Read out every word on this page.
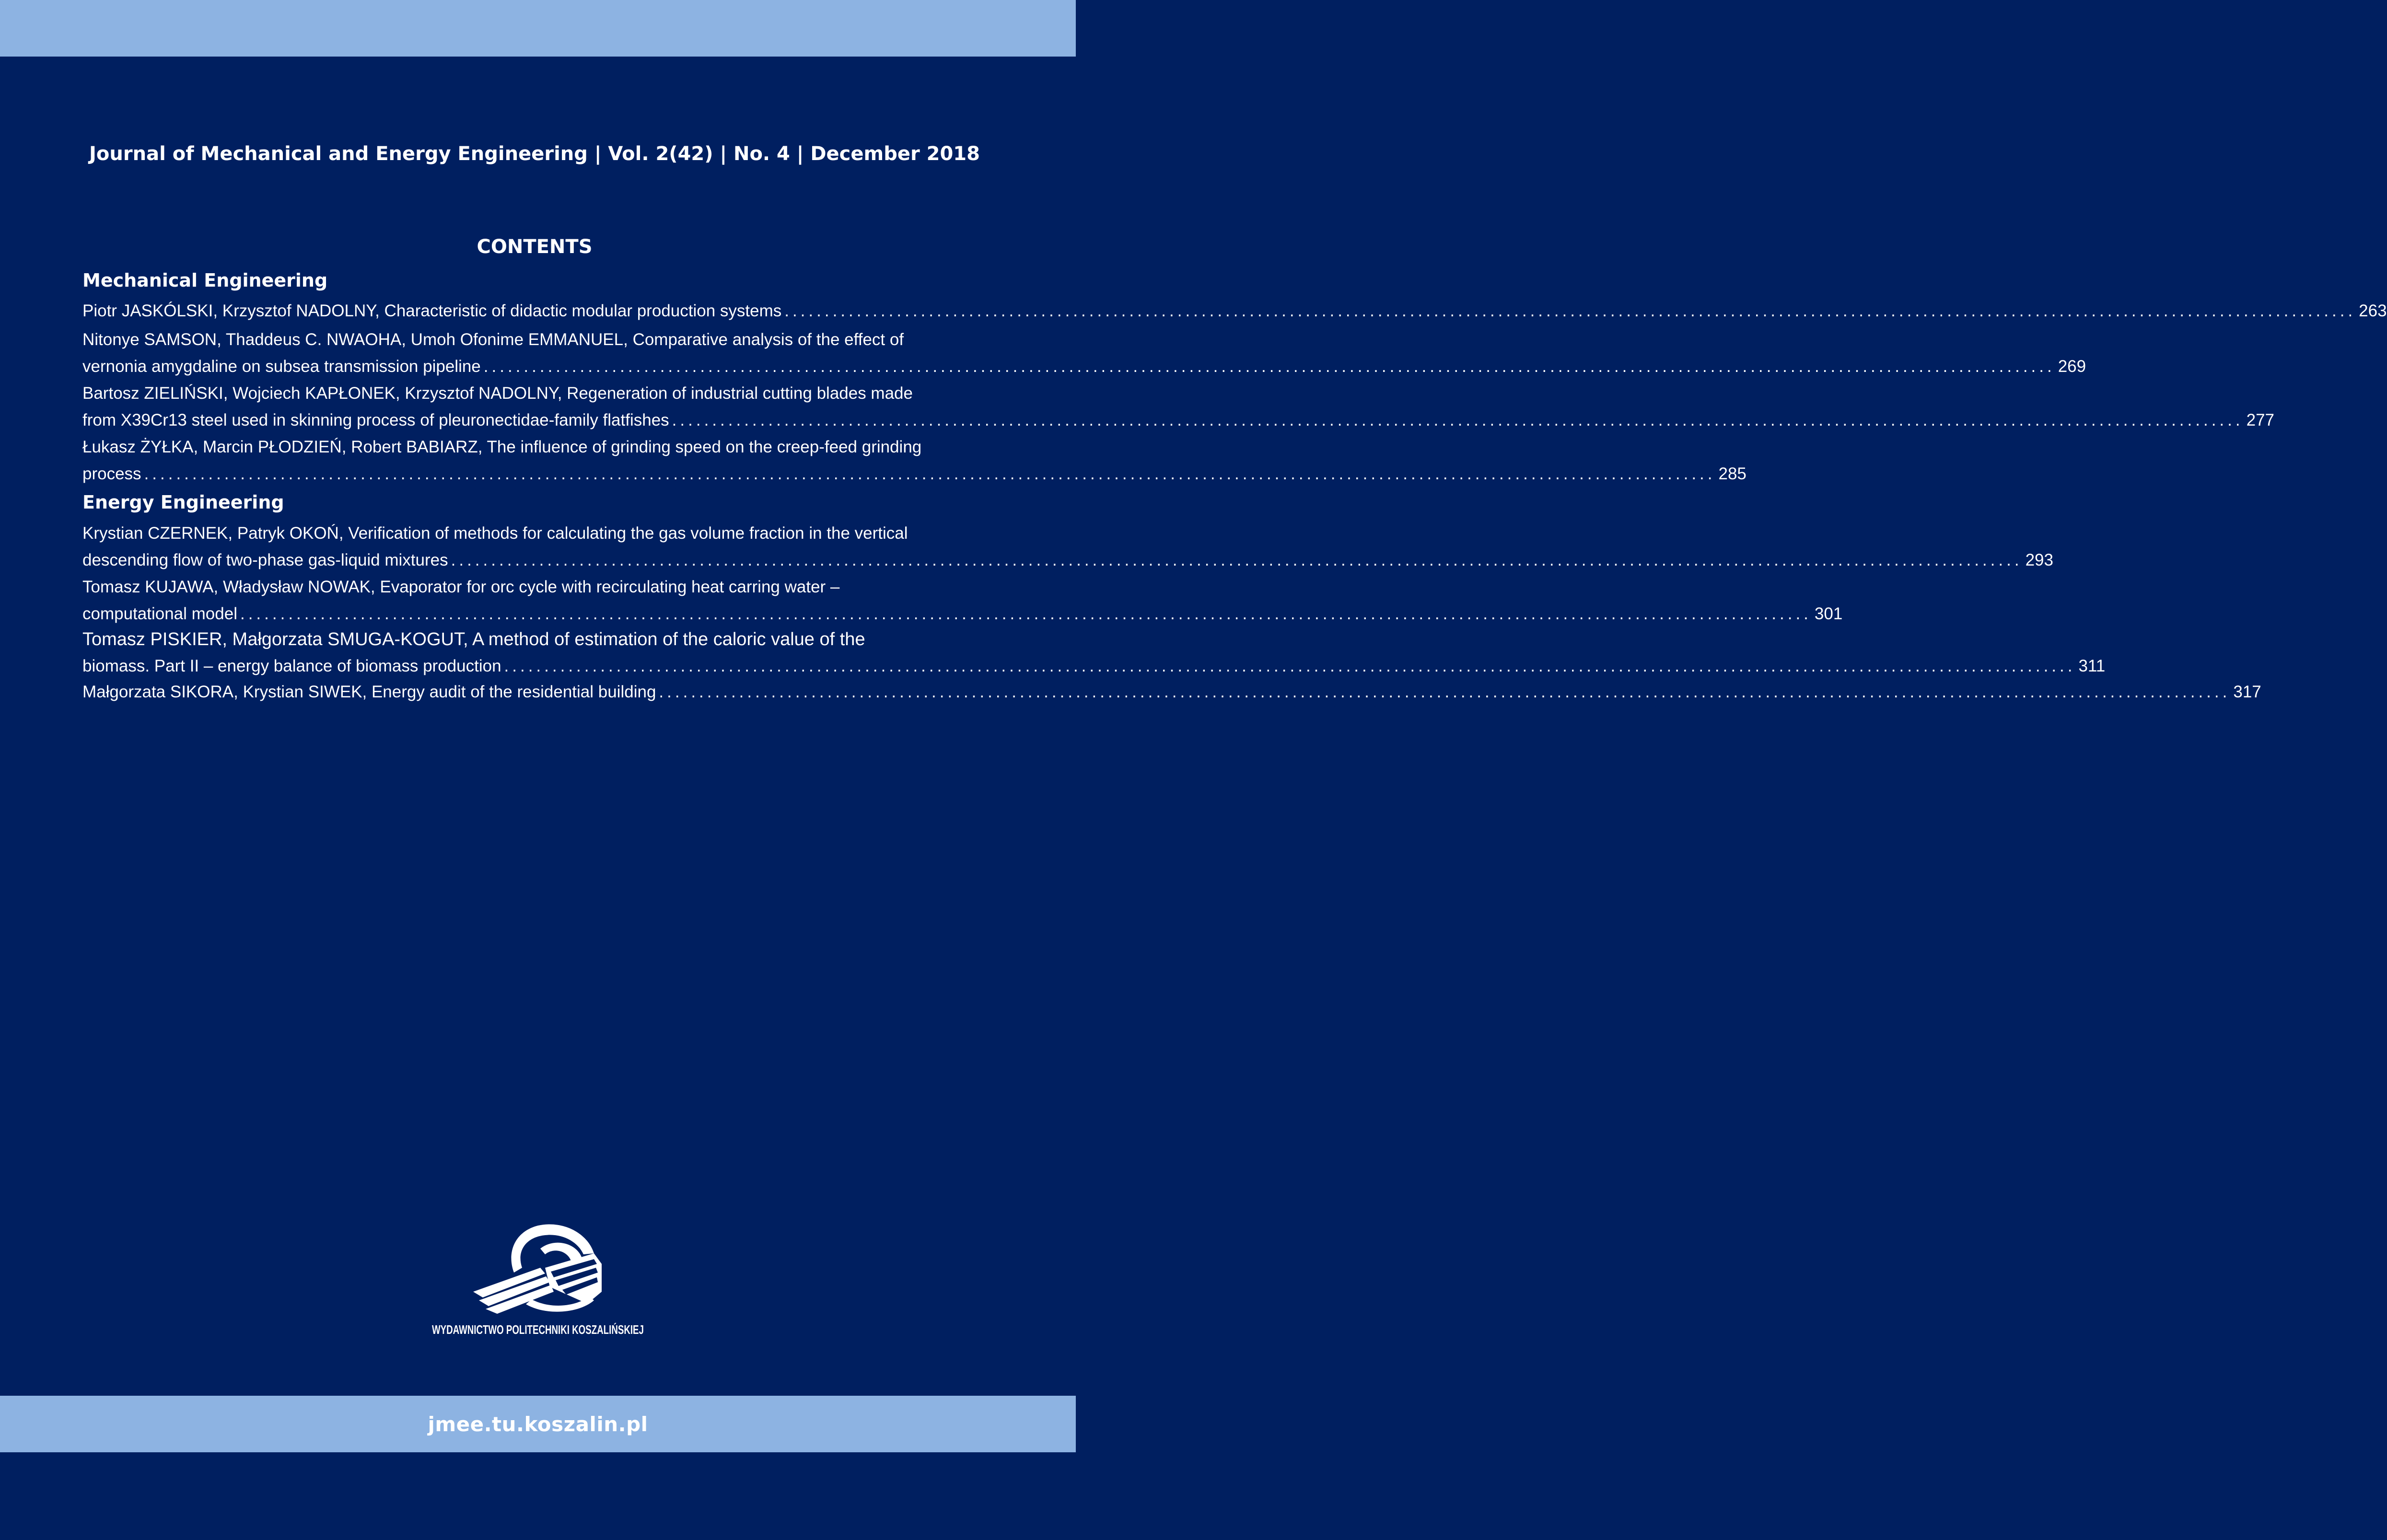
Journal of Mechanical and Energy Engineering | Vol. 2(42) | No. 4 | December 2018
CONTENTS
Mechanical Engineering
Piotr JASKÓLSKI, Krzysztof NADOLNY, Characteristic of didactic modular production systems .................................................................................................................................................................................................... 263
Nitonye SAMSON, Thaddeus C. NWAOHA, Umoh Ofonime EMMANUEL, Comparative analysis of the effect of
vernonia amygdaline on subsea transmission pipeline .................................................................................................................................................................................................... 269
Bartosz ZIELIŃSKI, Wojciech KAPŁONEK, Krzysztof NADOLNY, Regeneration of industrial cutting blades made
from X39Cr13 steel used in skinning process of pleuronectidae-family flatfishes .................................................................................................................................................................................................... 277
Łukasz ŻYŁKA, Marcin PŁODZIEŃ, Robert BABIARZ, The influence of grinding speed on the creep-feed grinding
process .................................................................................................................................................................................................... 285
Energy Engineering
Krystian CZERNEK, Patryk OKOŃ, Verification of methods for calculating the gas volume fraction in the vertical
descending flow of two-phase gas-liquid mixtures .................................................................................................................................................................................................... 293
Tomasz KUJAWA, Władysław NOWAK, Evaporator for orc cycle with recirculating heat carring water –
computational model .................................................................................................................................................................................................... 301
Tomasz PISKIER, Małgorzata SMUGA-KOGUT, A method of estimation of the caloric value of the
biomass. Part II – energy balance of biomass production .................................................................................................................................................................................................... 311
Małgorzata SIKORA, Krystian SIWEK, Energy audit of the residential building .................................................................................................................................................................................................... 317
WYDAWNICTWO POLITECHNIKI KOSZALIŃSKIEJ
jmee.tu.koszalin.pl
